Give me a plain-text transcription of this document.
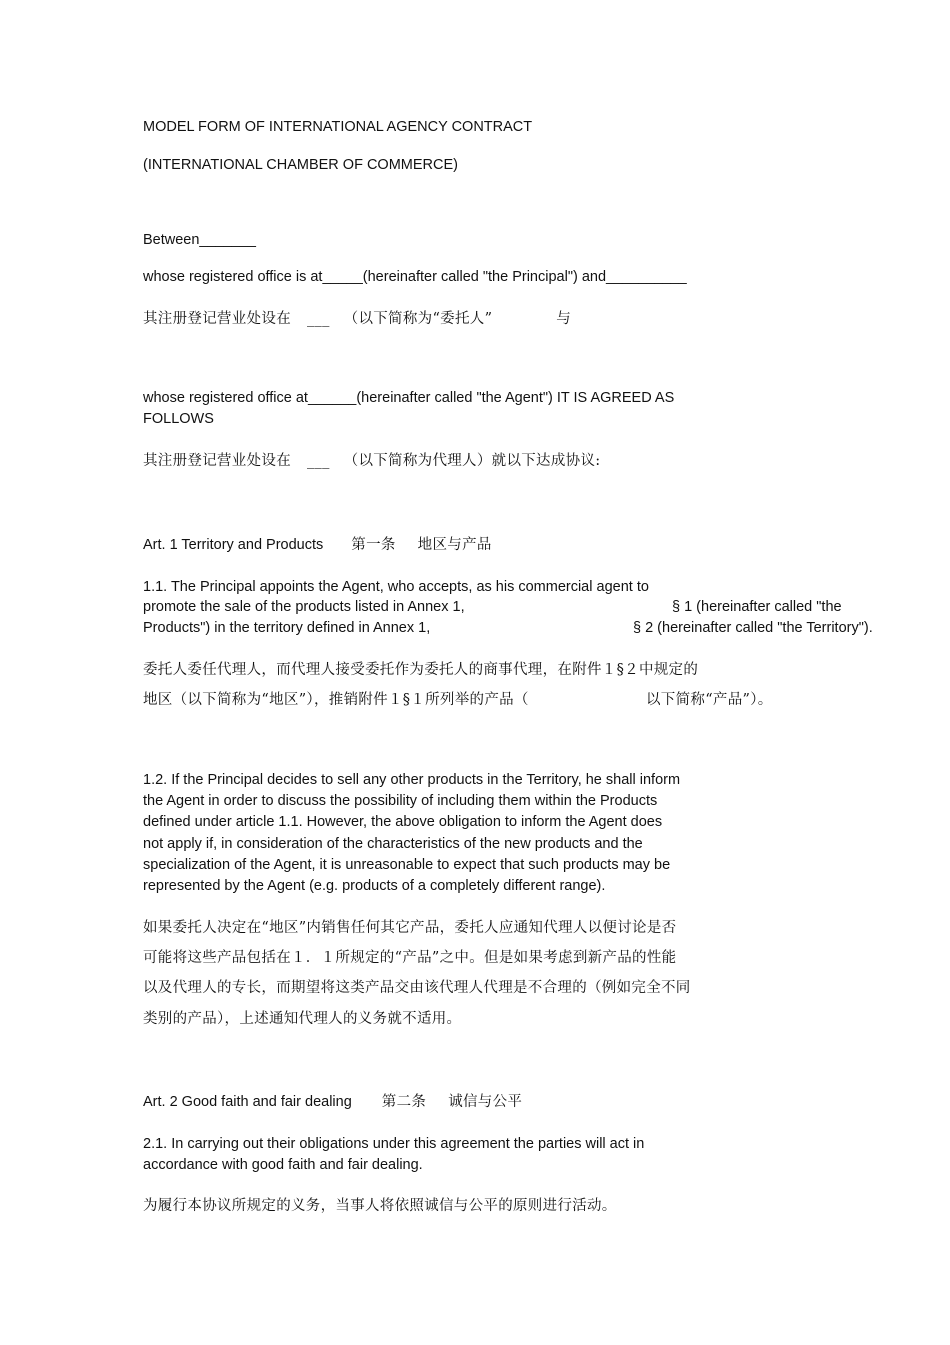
MODEL FORM OF INTERNATIONAL AGENCY CONTRACT
(INTERNATIONAL CHAMBER OF COMMERCE)
Between_______
whose registered office is at_____(hereinafter called "the Principal") and__________
其注册登记营业处设在 ___ （以下简称为“委托人”	与
whose registered office at______(hereinafter called "the Agent") IT IS AGREED AS
FOLLOWS
其注册登记营业处设在 ___ （以下简称为代理人）就以下达成协议:
Art. 1 Territory and Products 第一条 地区与产品
1.1. The Principal appoints the Agent, who accepts, as his commercial agent to
promote the sale of the products listed in Annex 1,	§ 1 (hereinafter called "the
Products") in the territory defined in Annex 1,	§ 2 (hereinafter called "the Territory").
委托人委任代理人，而代理人接受委托作为委托人的商事代理，在附件１§２中规定的
地区（以下简称为“地区”），推销附件１§１所列举的产品（	以下简称“产品”）。
1.2. If the Principal decides to sell any other products in the Territory, he shall inform
the Agent in order to discuss the possibility of including them within the Products
defined under article 1.1. However, the above obligation to inform the Agent does
not apply if, in consideration of the characteristics of the new products and the
specialization of the Agent, it is unreasonable to expect that such products may be
represented by the Agent (e.g. products of a completely different range).
如果委托人决定在“地区”内销售任何其它产品，委托人应通知代理人以便讨论是否
可能将这些产品包括在１．１所规定的“产品”之中。但是如果考虑到新产品的性能
以及代理人的专长，而期望将这类产品交由该代理人代理是不合理的（例如完全不同
类别的产品），上述通知代理人的义务就不适用。
Art. 2 Good faith and fair dealing 第二条 诚信与公平
2.1. In carrying out their obligations under this agreement the parties will act in
accordance with good faith and fair dealing.
为履行本协议所规定的义务，当事人将依照诚信与公平的原则进行活动。
